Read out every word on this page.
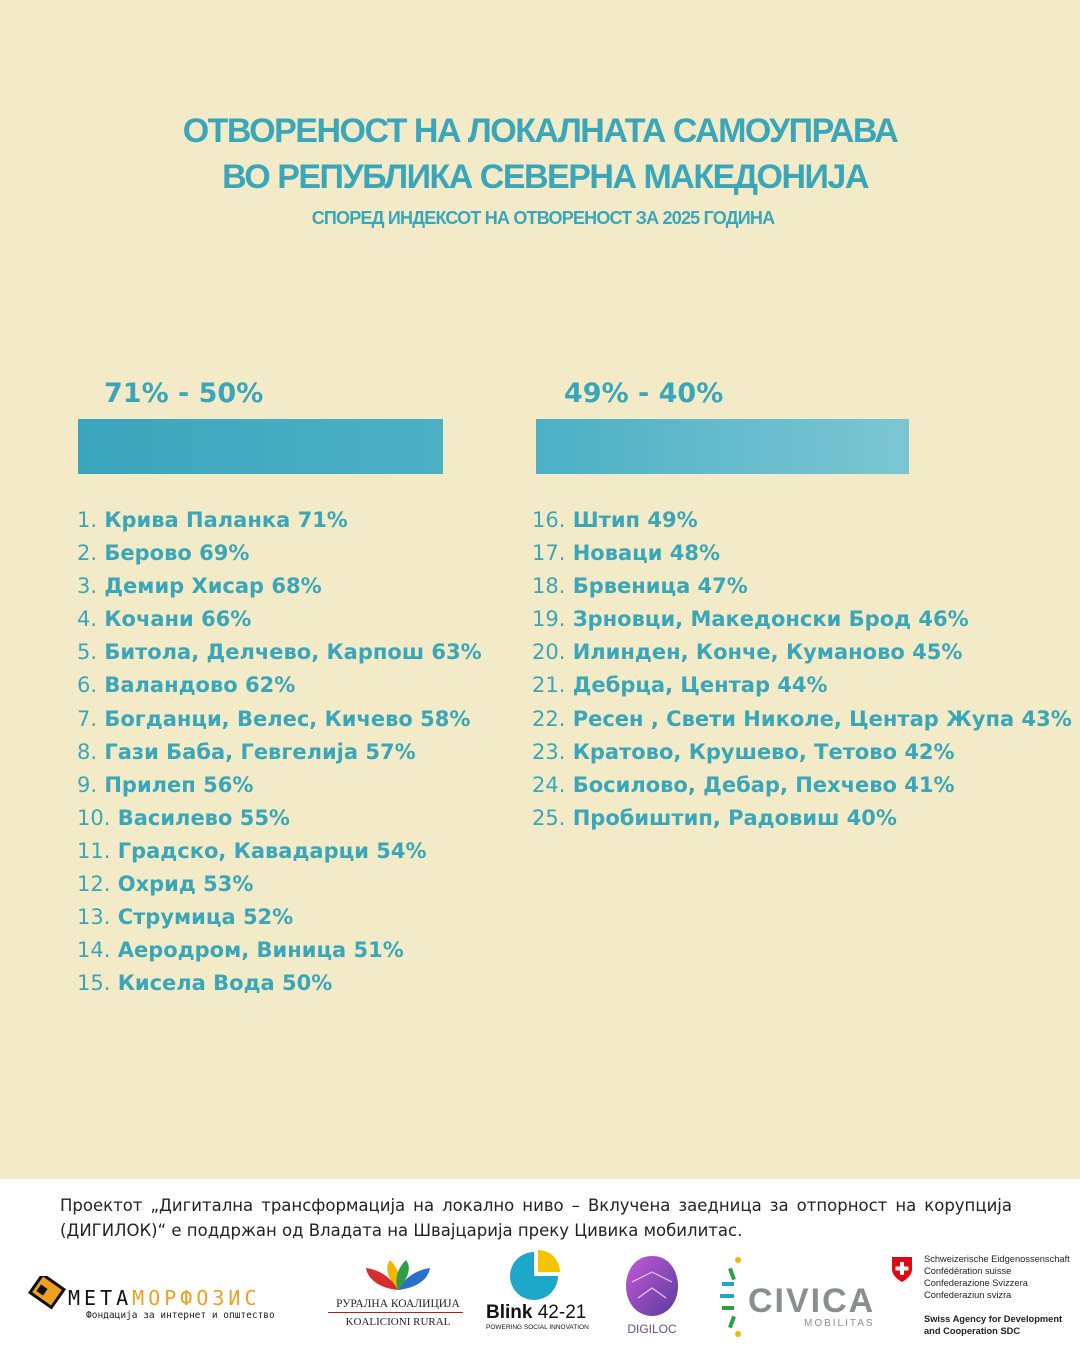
ОТВОРЕНОСТ НА ЛОКАЛНАТА САМОУПРАВА
ВО РЕПУБЛИКА СЕВЕРНА МАКЕДОНИЈА
СПОРЕД ИНДЕКСОТ НА ОТВОРЕНОСТ ЗА 2025 ГОДИНА
71% - 50%	49% - 40%
1. Крива Паланка 71%
2. Берово 69%
3. Демир Хисар 68%
4. Кочани 66%
5. Битола, Делчево, Карпош 63%
6. Валандово 62%
7. Богданци, Велес, Кичево 58%
8. Гази Баба, Гевгелија 57%
9. Прилеп 56%
10. Василево 55%
11. Градско, Кавадарци 54%
12. Охрид 53%
13. Струмица 52%
14. Аеродром, Виница 51%
15. Кисела Вода 50%
16. Штип 49%
17. Новаци 48%
18. Брвеница 47%
19. Зрновци, Македонски Брод 46%
20. Илинден, Конче, Куманово 45%
21. Дебрца, Центар 44%
22. Ресен , Свети Николе, Центар Жупа 43%
23. Кратово, Крушево, Тетово 42%
24. Босилово, Дебар, Пехчево 41%
25. Пробиштип, Радовиш 40%

Проектот „Дигитална трансформација на локално ниво – Вклучена заедница за отпорност на корупција (ДИГИЛОК)“ е поддржан од Владата на Швајцарија преку Цивика мобилитас.

МЕТАМОРФОЗИС
Фондација за интернет и општество
РУРАЛНА КОАЛИЦИЈА
KOALICIONI RURAL	Blink 42-21
POWERING SOCIAL INNOVATION	DIGILOC
CIVICA
MOBILITAS
Schweizerische Eidgenossenschaft
Confédération suisse
Confederazione Svizzera
Confederaziun svizra
Swiss Agency for Development
and Cooperation SDC
